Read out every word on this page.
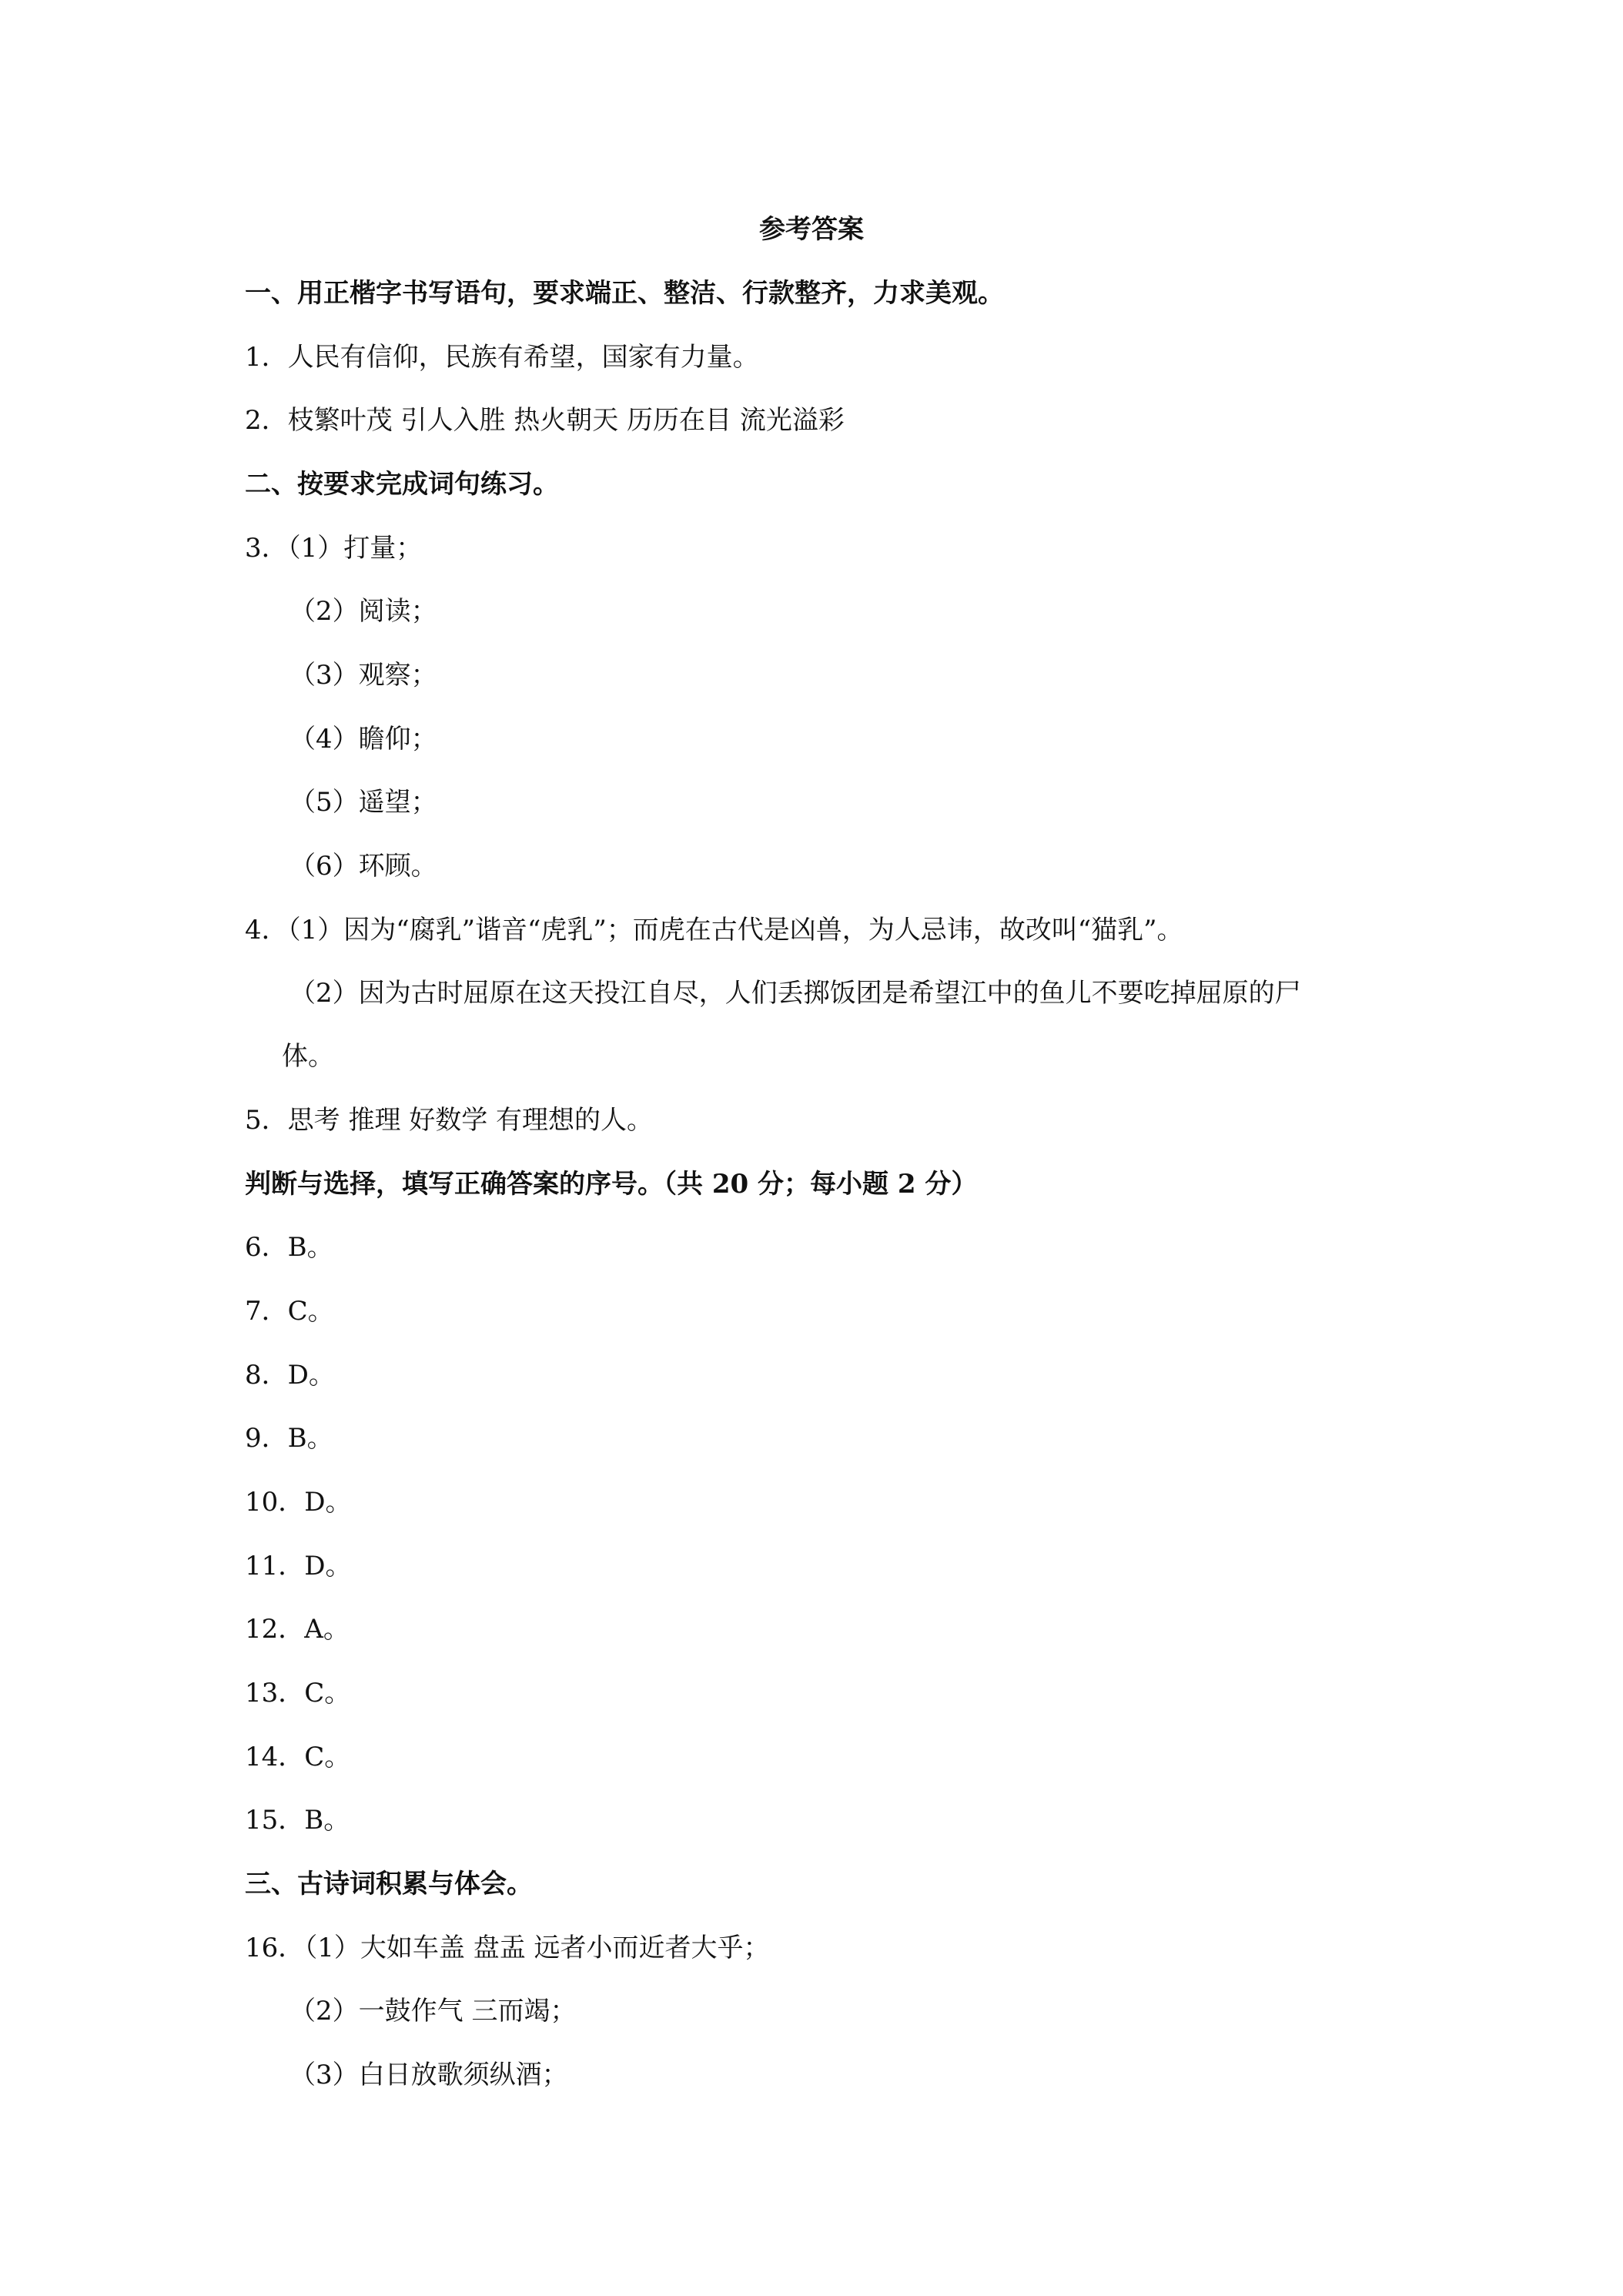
参考答案
一、用正楷字书写语句，要求端正、整洁、行款整齐，力求美观。
1．人民有信仰，民族有希望，国家有力量。
2．枝繁叶茂 引人入胜 热火朝天 历历在目 流光溢彩
二、按要求完成词句练习。
3．（1）打量；
（2）阅读；
（3）观察；
（4）瞻仰；
（5）遥望；
（6）环顾。
4．（1）因为“腐乳”谐音“虎乳”；而虎在古代是凶兽，为人忌讳，故改叫“猫乳”。
（2）因为古时屈原在这天投江自尽，人们丢掷饭团是希望江中的鱼儿不要吃掉屈原的尸
体。
5．思考 推理 好数学 有理想的人。
判断与选择，填写正确答案的序号。（共 20 分；每小题 2 分）
6．B。
7．C。
8．D。
9．B。
10．D。
11．D。
12．A。
13．C。
14．C。
15．B。
三、古诗词积累与体会。
16．（1）大如车盖 盘盂 远者小而近者大乎；
（2）一鼓作气 三而竭；
（3）白日放歌须纵酒；
